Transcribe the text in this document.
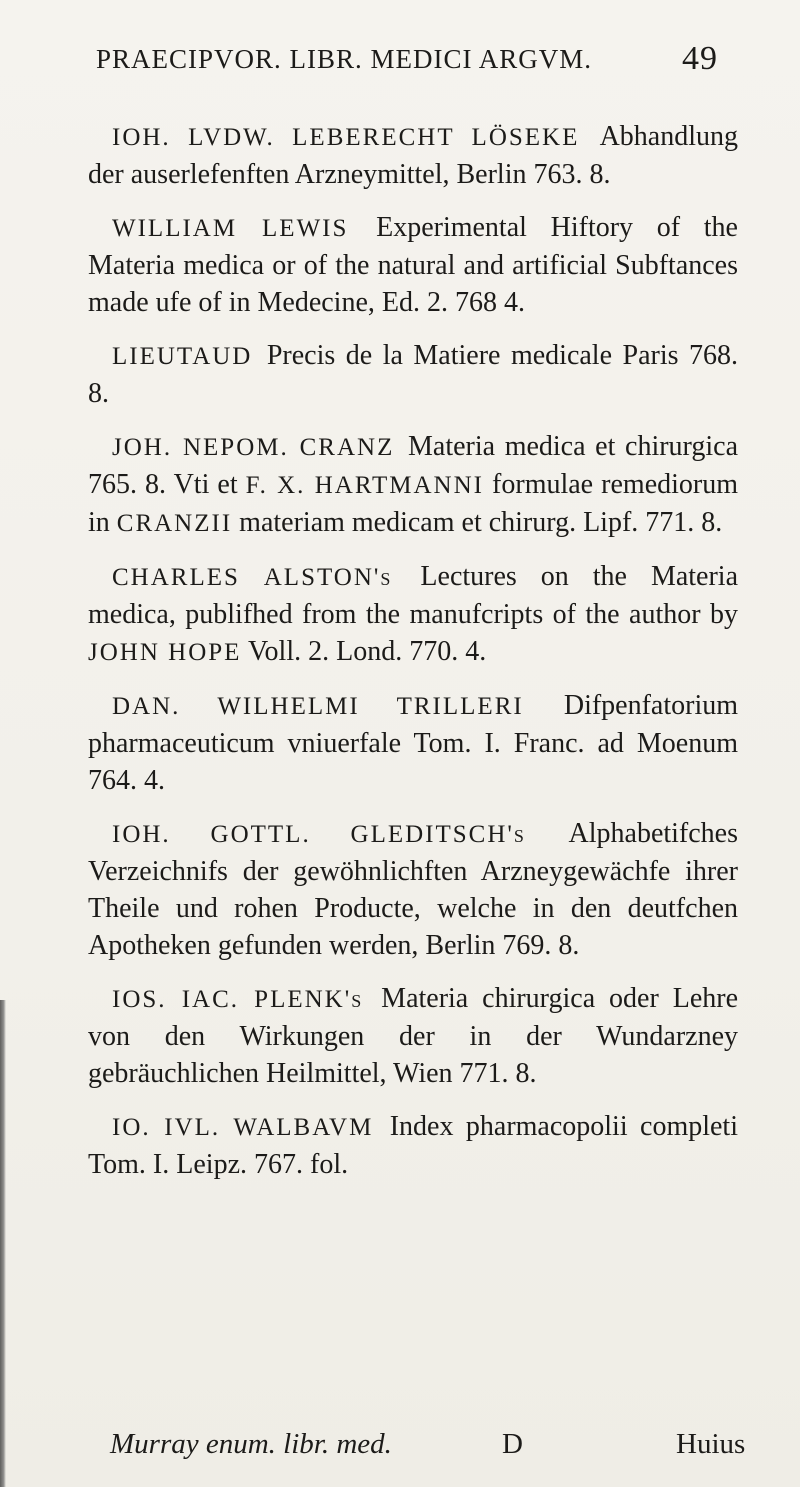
PRAECIPVOR. LIBR. MEDICI ARGVM.	49

IOH. LVDW. LEBERECHT LÖSEKE Abhandlung der auserlefenften Arzneymittel, Berlin 763. 8.

WILLIAM LEWIS Experimental Hiftory of the Materia medica or of the natural and artificial Subftances made ufe of in Medecine, Ed. 2. 768 4.

LIEUTAUD Precis de la Matiere medicale Paris 768. 8.

JOH. NEPOM. CRANZ Materia medica et chirurgica 765. 8. Vti et F. X. HARTMANNI formulae remediorum in CRANZII materiam medicam et chirurg. Lipf. 771. 8.

CHARLES ALSTON's Lectures on the Materia medica, publifhed from the manufcripts of the author by JOHN HOPE Voll. 2. Lond. 770. 4.

DAN. WILHELMI TRILLERI Difpenfatorium pharmaceuticum vniuerfale Tom. I. Franc. ad Moenum 764. 4.

IOH. GOTTL. GLEDITSCH's Alphabetifches Verzeichnifs der gewöhnlichften Arzneygewächfe ihrer Theile und rohen Producte, welche in den deutfchen Apotheken gefunden werden, Berlin 769. 8.

IOS. IAC. PLENK's Materia chirurgica oder Lehre von den Wirkungen der in der Wundarzney gebräuchlichen Heilmittel, Wien 771. 8.

IO. IVL. WALBAVM Index pharmacopolii completi Tom. I. Leipz. 767. fol.

Murray enum. libr. med.	D	Huius
